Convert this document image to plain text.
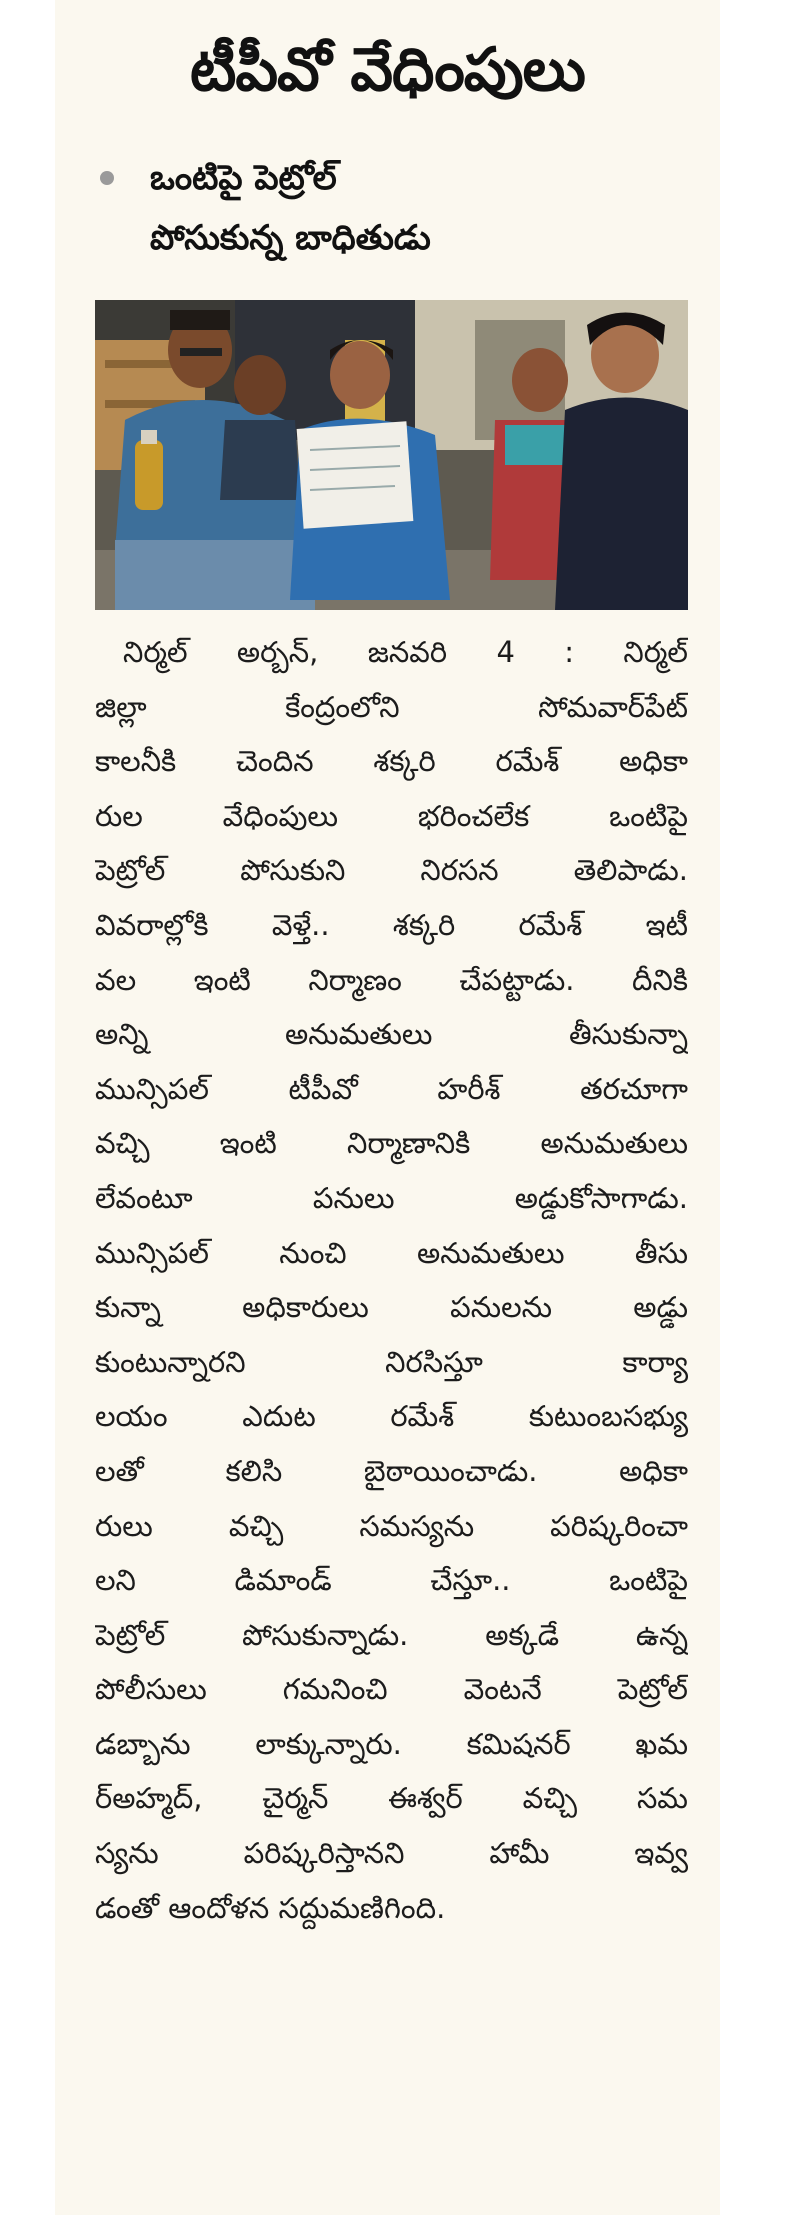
టీపీవో వేధింపులు
ఒంటిపై పెట్రోల్
పోసుకున్న బాధితుడు
నిర్మల్ అర్బన్, జనవరి 4 : నిర్మల్
జిల్లా కేంద్రంలోని సోమవార్‌పేట్
కాలనీకి చెందిన శక్కరి రమేశ్ అధికా
రుల వేధింపులు భరించలేక ఒంటిపై
పెట్రోల్ పోసుకుని నిరసన తెలిపాడు.
వివరాల్లోకి వెళ్తే.. శక్కరి రమేశ్ ఇటీ
వల ఇంటి నిర్మాణం చేపట్టాడు. దీనికి
అన్ని అనుమతులు తీసుకున్నా
మున్సిపల్ టీపీవో హరీశ్ తరచూగా
వచ్చి ఇంటి నిర్మాణానికి అనుమతులు
లేవంటూ పనులు అడ్డుకోసాగాడు.
మున్సిపల్ నుంచి అనుమతులు తీసు
కున్నా అధికారులు పనులను అడ్డు
కుంటున్నారని నిరసిస్తూ కార్యా
లయం ఎదుట రమేశ్ కుటుంబసభ్యు
లతో కలిసి బైఠాయించాడు. అధికా
రులు వచ్చి సమస్యను పరిష్కరించా
లని డిమాండ్ చేస్తూ.. ఒంటిపై
పెట్రోల్ పోసుకున్నాడు. అక్కడే ఉన్న
పోలీసులు గమనించి వెంటనే పెట్రోల్
డబ్బాను లాక్కున్నారు. కమిషనర్ ఖమ
ర్‌అహ్మద్, చైర్మన్ ఈశ్వర్ వచ్చి సమ
స్యను పరిష్కరిస్తానని హామీ ఇవ్వ
డంతో ఆందోళన సద్దుమణిగింది.
